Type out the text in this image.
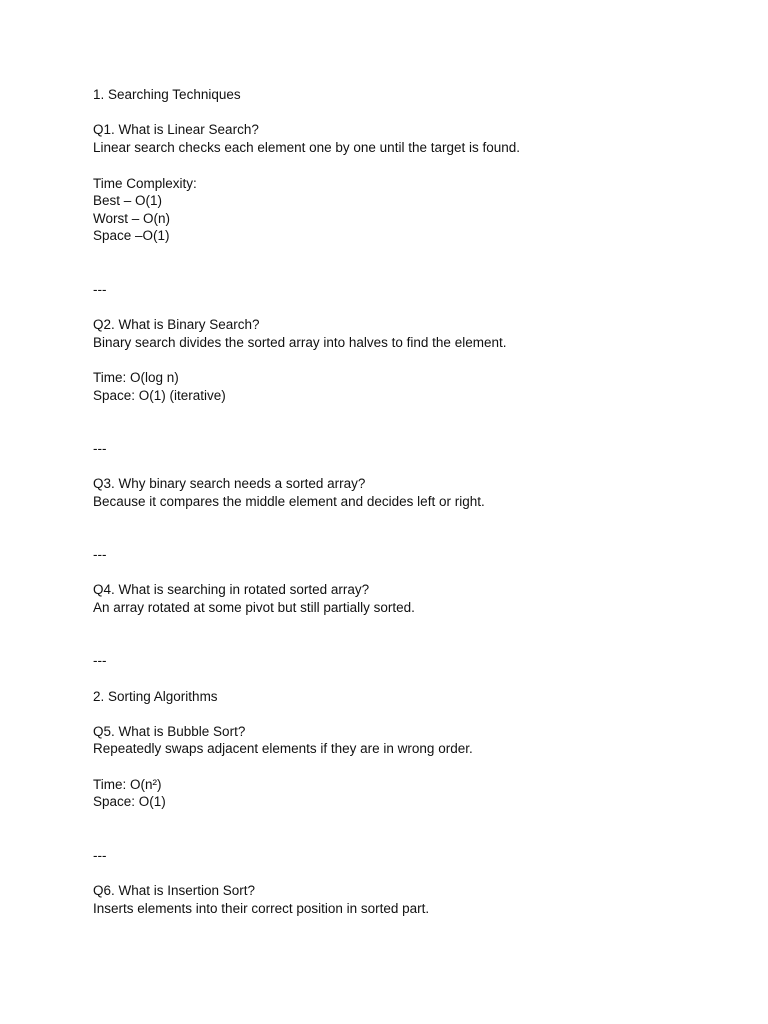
1. Searching Techniques
Q1. What is Linear Search?
Linear search checks each element one by one until the target is found.
Time Complexity:
Best – O(1)
Worst – O(n)
Space –O(1)
---
Q2. What is Binary Search?
Binary search divides the sorted array into halves to find the element.
Time: O(log n)
Space: O(1) (iterative)
---
Q3. Why binary search needs a sorted array?
Because it compares the middle element and decides left or right.
---
Q4. What is searching in rotated sorted array?
An array rotated at some pivot but still partially sorted.
---
2. Sorting Algorithms
Q5. What is Bubble Sort?
Repeatedly swaps adjacent elements if they are in wrong order.
Time: O(n²)
Space: O(1)
---
Q6. What is Insertion Sort?
Inserts elements into their correct position in sorted part.
